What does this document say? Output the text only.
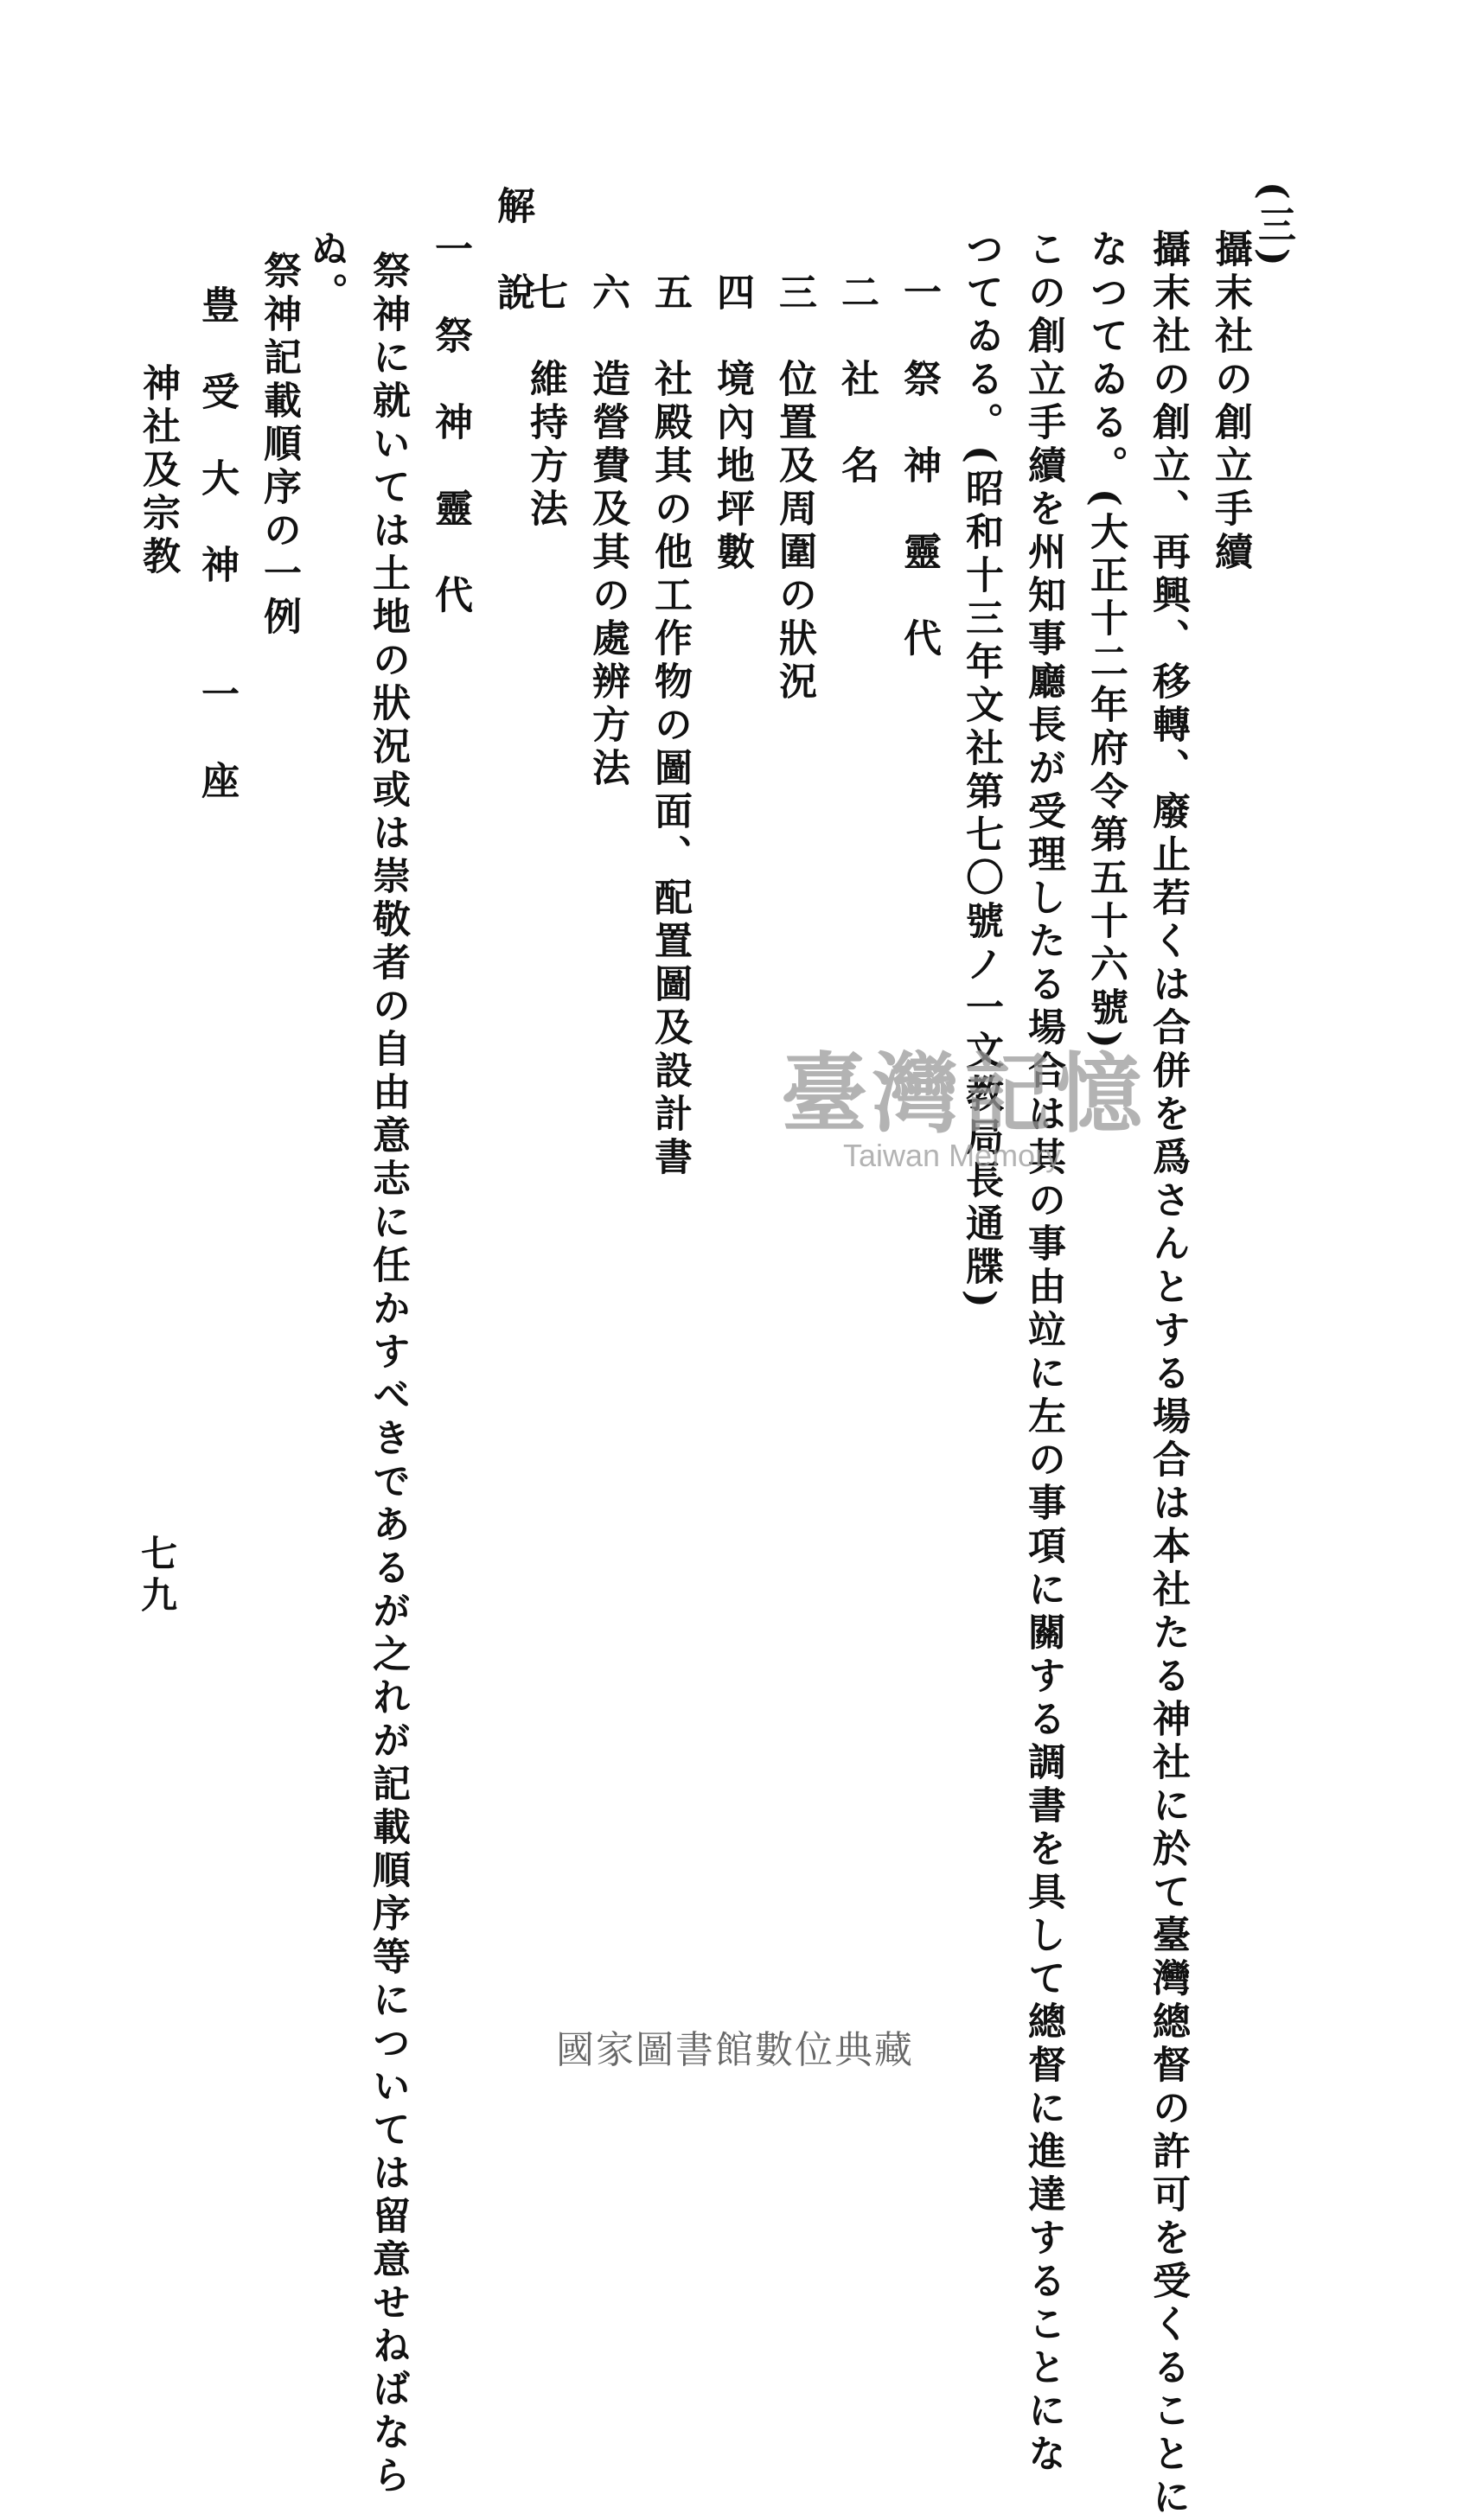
(三)
攝末社の創立手續
攝末社の創立、再興、移轉、廢止若くは合併を爲さんとする場合は本社たる神社に於て臺灣總督の許可を受くることに
なつてゐる。(大正十二年府令第五十六號)
この創立手續を州知事廳長が受理したる場合は其の事由竝に左の事項に關する調書を具して總督に進達することにな
つてゐる。(昭和十三年文社第七〇號ノ一文教局長通牒)
一　祭　神　靈　代
二　社　名
三　位置及周圍の狀況
四　境內地坪數
五　社殿其の他工作物の圖面、配置圖及設計書
六　造營費及其の處辨方法
七　維持方法
解　說
一　祭　神　靈　代
祭神に就いては土地の狀況或は崇敬者の自由意志に任かすべきであるが之れが記載順序等については留意せねばなら
ぬ。
祭神記載順序の一例
豊　受　大　神　　一　座
神社及宗教
七九
臺灣記憶
Taiwan Memory
國家圖書館數位典藏
